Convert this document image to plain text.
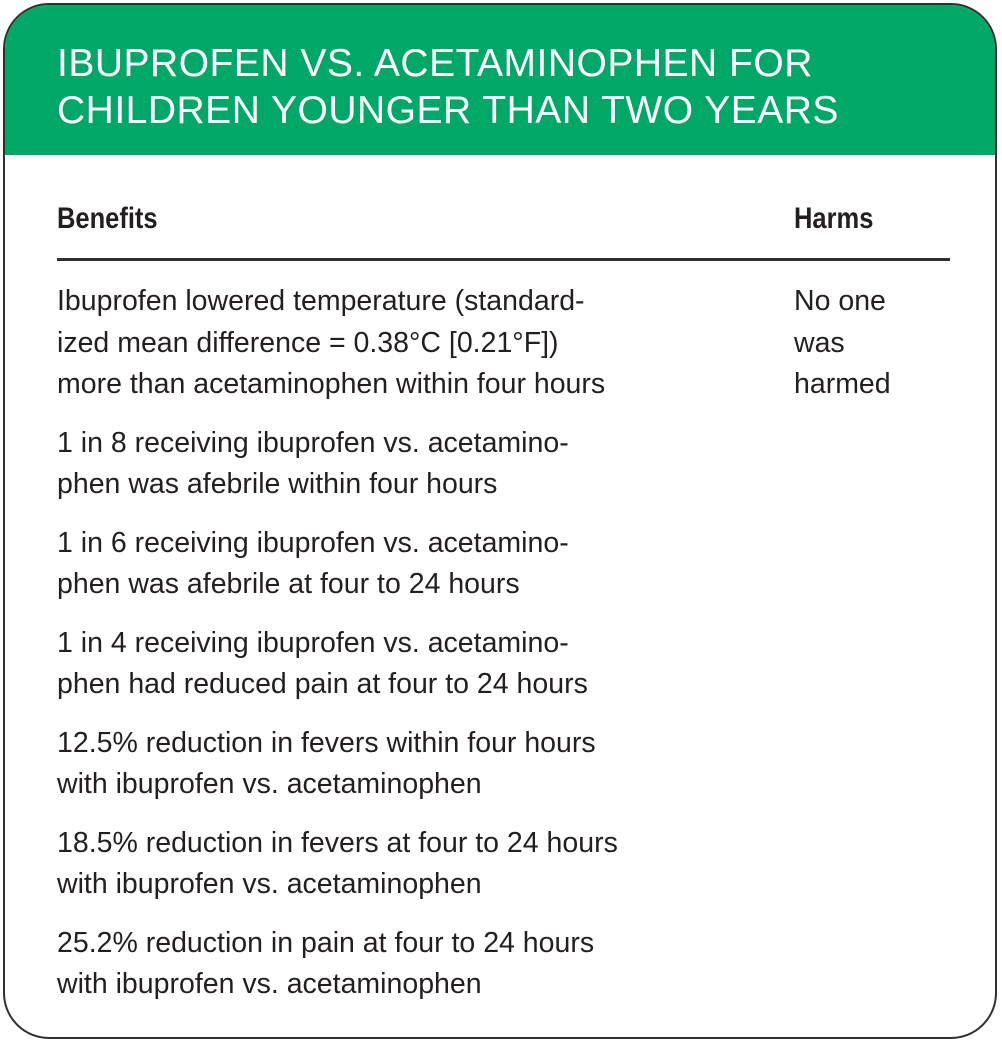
IBUPROFEN VS. ACETAMINOPHEN FOR
CHILDREN YOUNGER THAN TWO YEARS
Benefits	Harms
Ibuprofen lowered temperature (standard-
ized mean difference = 0.38°C [0.21°F])
more than acetaminophen within four hours
1 in 8 receiving ibuprofen vs. acetamino-
phen was afebrile within four hours
1 in 6 receiving ibuprofen vs. acetamino-
phen was afebrile at four to 24 hours
1 in 4 receiving ibuprofen vs. acetamino-
phen had reduced pain at four to 24 hours
12.5% reduction in fevers within four hours
with ibuprofen vs. acetaminophen
18.5% reduction in fevers at four to 24 hours
with ibuprofen vs. acetaminophen
25.2% reduction in pain at four to 24 hours
with ibuprofen vs. acetaminophen
No one
was
harmed
